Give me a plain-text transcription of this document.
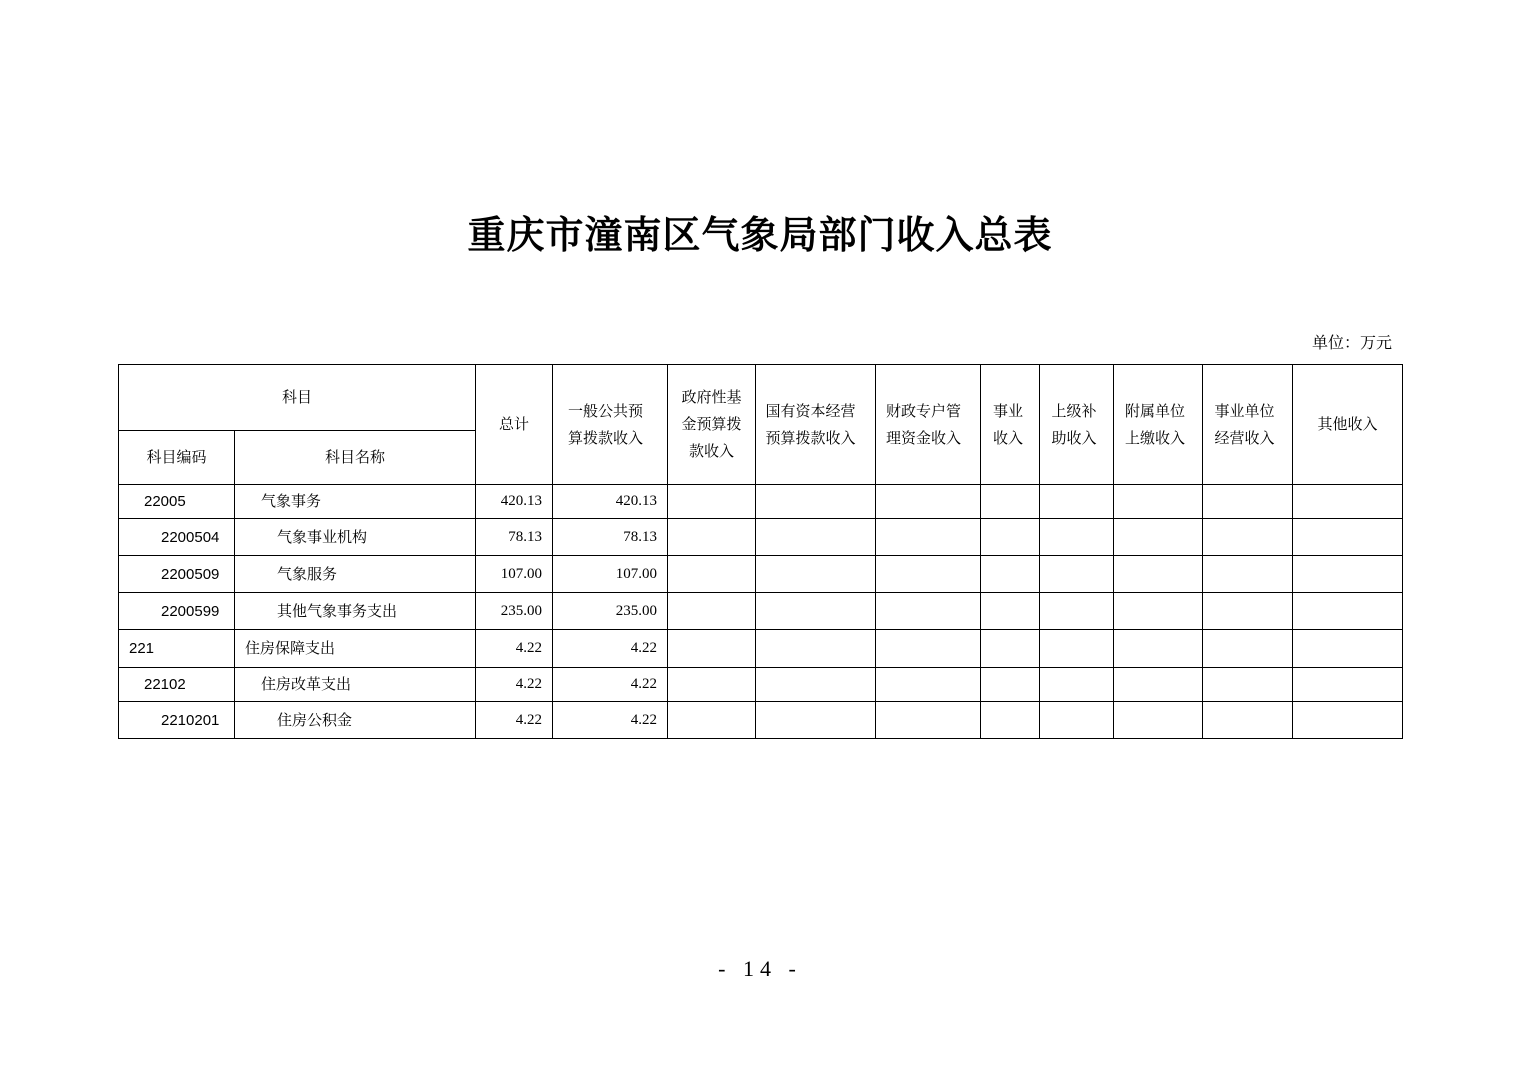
重庆市潼南区气象局部门收入总表
单位：万元
科目		总计	一般公共预算拨款收入	政府性基金预算拨款收入	国有资本经营预算拨款收入	财政专户管理资金收入	事业收入	上级补助收入	附属单位上缴收入	事业单位经营收入	其他收入
科目编码	科目名称										
22005	气象事务	420.13	420.13								
2200504	气象事业机构	78.13	78.13								
2200509	气象服务	107.00	107.00								
2200599	其他气象事务支出	235.00	235.00								
221	住房保障支出	4.22	4.22								
22102	住房改革支出	4.22	4.22								
2210201	住房公积金	4.22	4.22								
- 14 -
